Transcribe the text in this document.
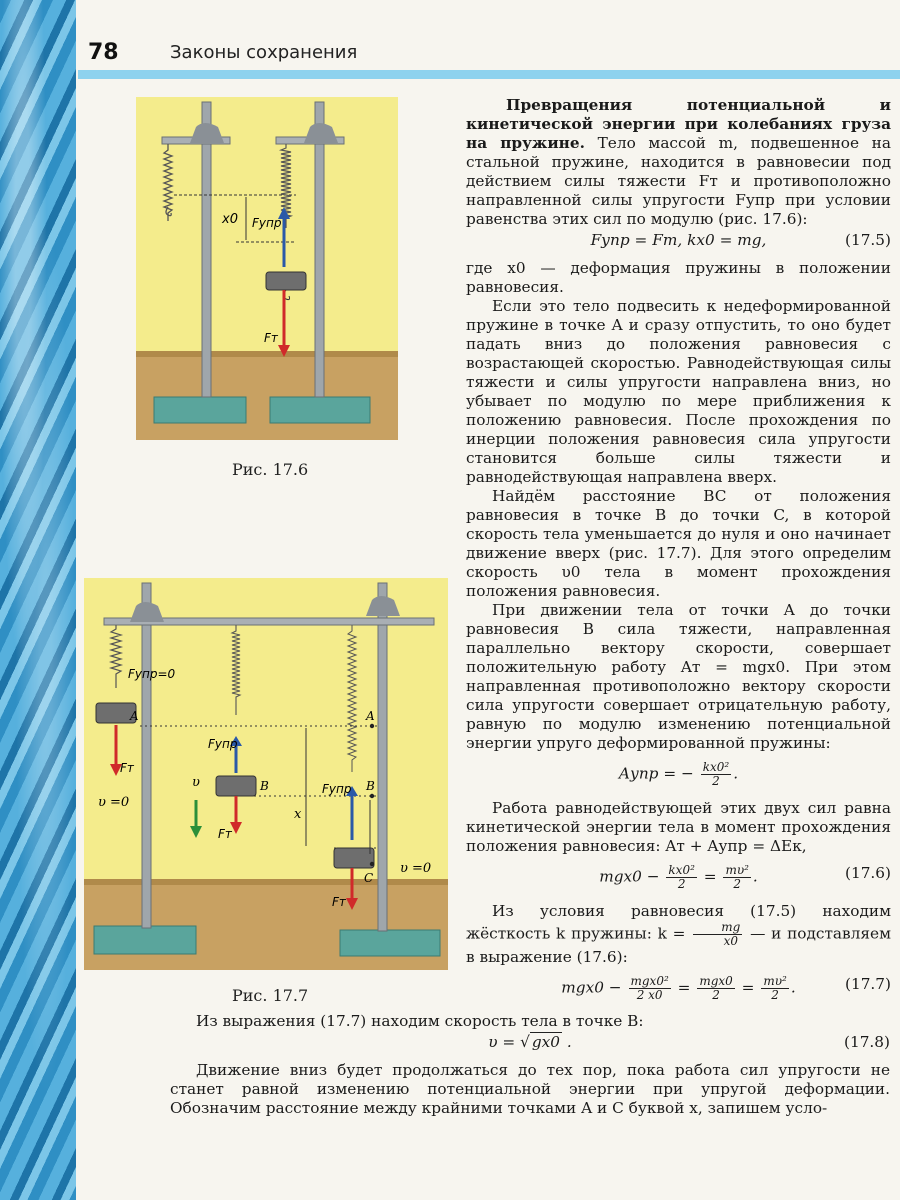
78	Законы сохранения
x0 Fупр
Fт
Рис. 17.6
Fупр=0
A
Fт
υ =0
Fупр
υ	B
Fт
x
Fупр
A
B
C
υ =0
Fт
Рис. 17.7

Превращения потенциальной и кинетической энергии при колебаниях груза на пружине. Тело массой m, подвешенное на стальной пружине, находится в равновесии под действием силы тяжести Fт и противоположно направленной силы упругости Fупр при условии равенства этих сил по модулю (рис. 17.6):

Fупр = Fт, kx0 = mg,	(17.5)

где x0 — деформация пружины в положении равновесия.

Если это тело подвесить к недеформированной пружине в точке A и сразу отпустить, то оно будет падать вниз до положения равновесия с возрастающей скоростью. Равнодействующая силы тяжести и силы упругости направлена вниз, но убывает по модулю по мере приближения к положению равновесия. После прохождения по инерции положения равновесия сила упругости становится больше силы тяжести и равнодействующая направлена вверх.

Найдём расстояние BC от положения равновесия в точке B до точки C, в которой скорость тела уменьшается до нуля и оно начинает движение вверх (рис. 17.7). Для этого определим скорость υ0 тела в момент прохождения положения равновесия.

При движении тела от точки A до точки равновесия B сила тяжести, направленная параллельно вектору скорости, совершает положительную работу Aт = mgx0. При этом направленная противоположно вектору скорости сила упругости совершает отрицательную работу, равную по модулю изменению потенциальной энергии упруго деформированной пружины:

Aупр = − $\frac{\text{kx0²}}{2}$ .

Работа равнодействующей этих двух сил равна кинетической энергии тела в момент прохождения положения равновесия: Aт + Aупр = ΔEк,

$mgx0 - \frac{\text{kx0²}}{2} = \frac{\text{mυ²}}{2}$ .	(17.6)

Из условия равновесия (17.5) находим жёсткость k пружины: $k = \frac{mg}{x0}$ — и подставляем в выражение (17.6):

$mgx0 - \frac{\text{mgx0²}}{2 x0} = \frac{\text{mgx0}}{2} = \frac{\text{mυ²}}{2}$ .	(17.7)

Из выражения (17.7) находим скорость тела в точке B:

υ = √ gx0 .	(17.8)

Движение вниз будет продолжаться до тех пор, пока работа сил упругости не станет равной изменению потенциальной энергии при упругой деформации. Обозначим расстояние между крайними точками A и C буквой x, запишем усло-
